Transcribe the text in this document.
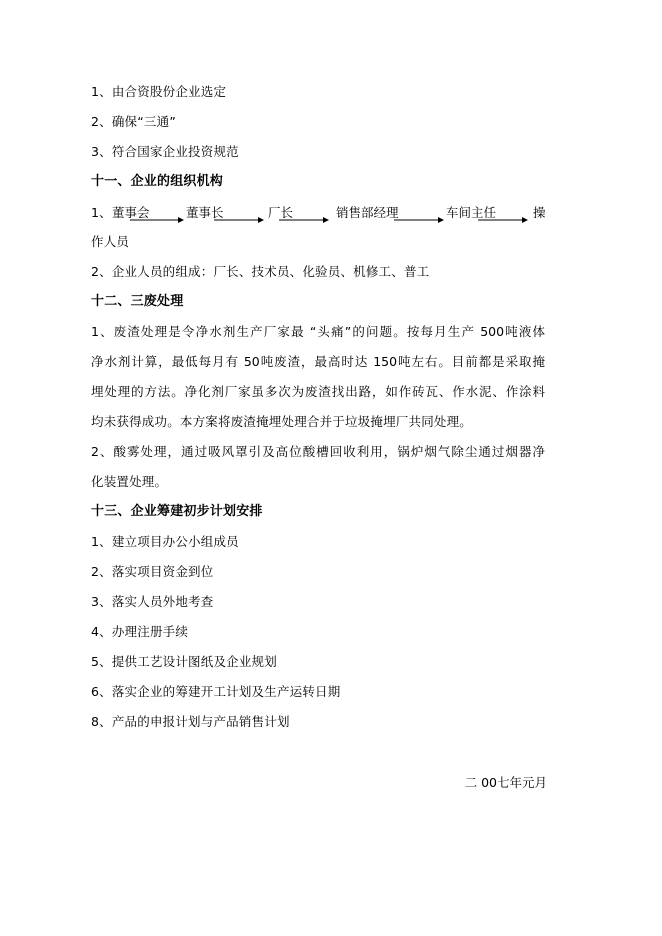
1、由合资股份企业选定
2、确保“三通”
3、符合国家企业投资规范
十一、企业的组织机构
1、 董事会	董事长	厂长	销售部经理	车间主任	操
作人员
2、企业人员的组成：厂长、技术员、化验员、机修工、普工
十二、三废处理
1、废渣处理是令净水剂生产厂家最 “头痛”的问题。按每月生产 500吨液体
净水剂计算，最低每月有 50吨废渣，最高时达 150吨左右。目前都是采取掩
埋处理的方法。净化剂厂家虽多次为废渣找出路，如作砖瓦、作水泥、作涂料
均未获得成功。本方案将废渣掩埋处理合并于垃圾掩埋厂共同处理。
2、酸雾处理，通过吸风罩引及高位酸槽回收利用，锅炉烟气除尘通过烟器净
化装置处理。
十三、企业筹建初步计划安排
1、建立项目办公小组成员
2、落实项目资金到位
3、落实人员外地考查
4、办理注册手续
5、提供工艺设计图纸及企业规划
6、落实企业的筹建开工计划及生产运转日期
8、产品的申报计划与产品销售计划
二 00七年元月
